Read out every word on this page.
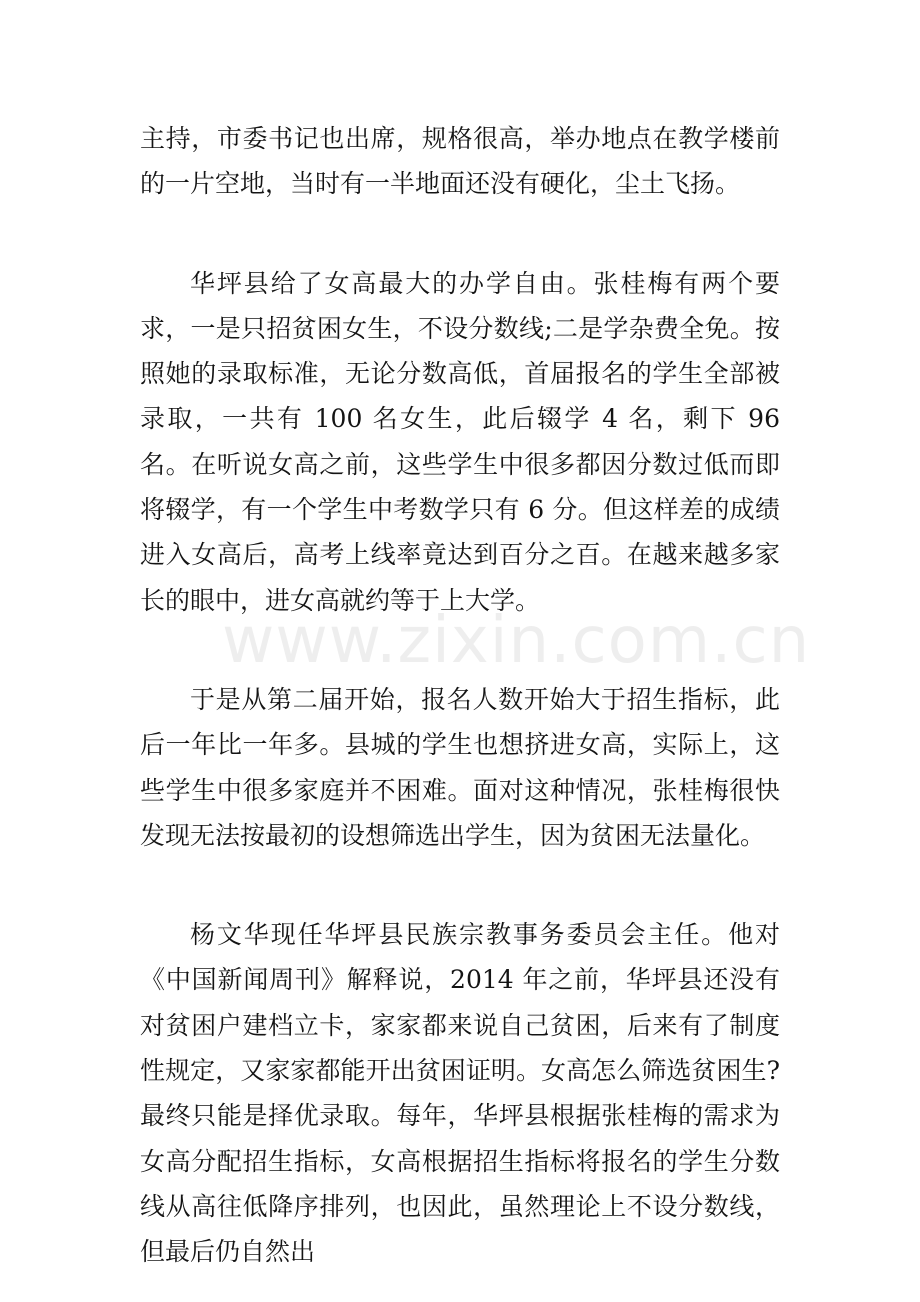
主持，市委书记也出席，规格很高，举办地点在教学楼前的一片空地，当时有一半地面还没有硬化，尘土飞扬。

华坪县给了女高最大的办学自由。张桂梅有两个要求，一是只招贫困女生，不设分数线;二是学杂费全免。按照她的录取标准，无论分数高低，首届报名的学生全部被录取，一共有 100 名女生，此后辍学 4 名，剩下 96 名。在听说女高之前，这些学生中很多都因分数过低而即将辍学，有一个学生中考数学只有 6 分。但这样差的成绩进入女高后，高考上线率竟达到百分之百。在越来越多家长的眼中，进女高就约等于上大学。

于是从第二届开始，报名人数开始大于招生指标，此后一年比一年多。县城的学生也想挤进女高，实际上，这些学生中很多家庭并不困难。面对这种情况，张桂梅很快发现无法按最初的设想筛选出学生，因为贫困无法量化。

杨文华现任华坪县民族宗教事务委员会主任。他对《中国新闻周刊》解释说，2014 年之前，华坪县还没有对贫困户建档立卡，家家都来说自己贫困，后来有了制度性规定，又家家都能开出贫困证明。女高怎么筛选贫困生?最终只能是择优录取。每年，华坪县根据张桂梅的需求为女高分配招生指标，女高根据招生指标将报名的学生分数线从高往低降序排列，也因此，虽然理论上不设分数线，但最后仍自然出

www.zixin.com.cn
